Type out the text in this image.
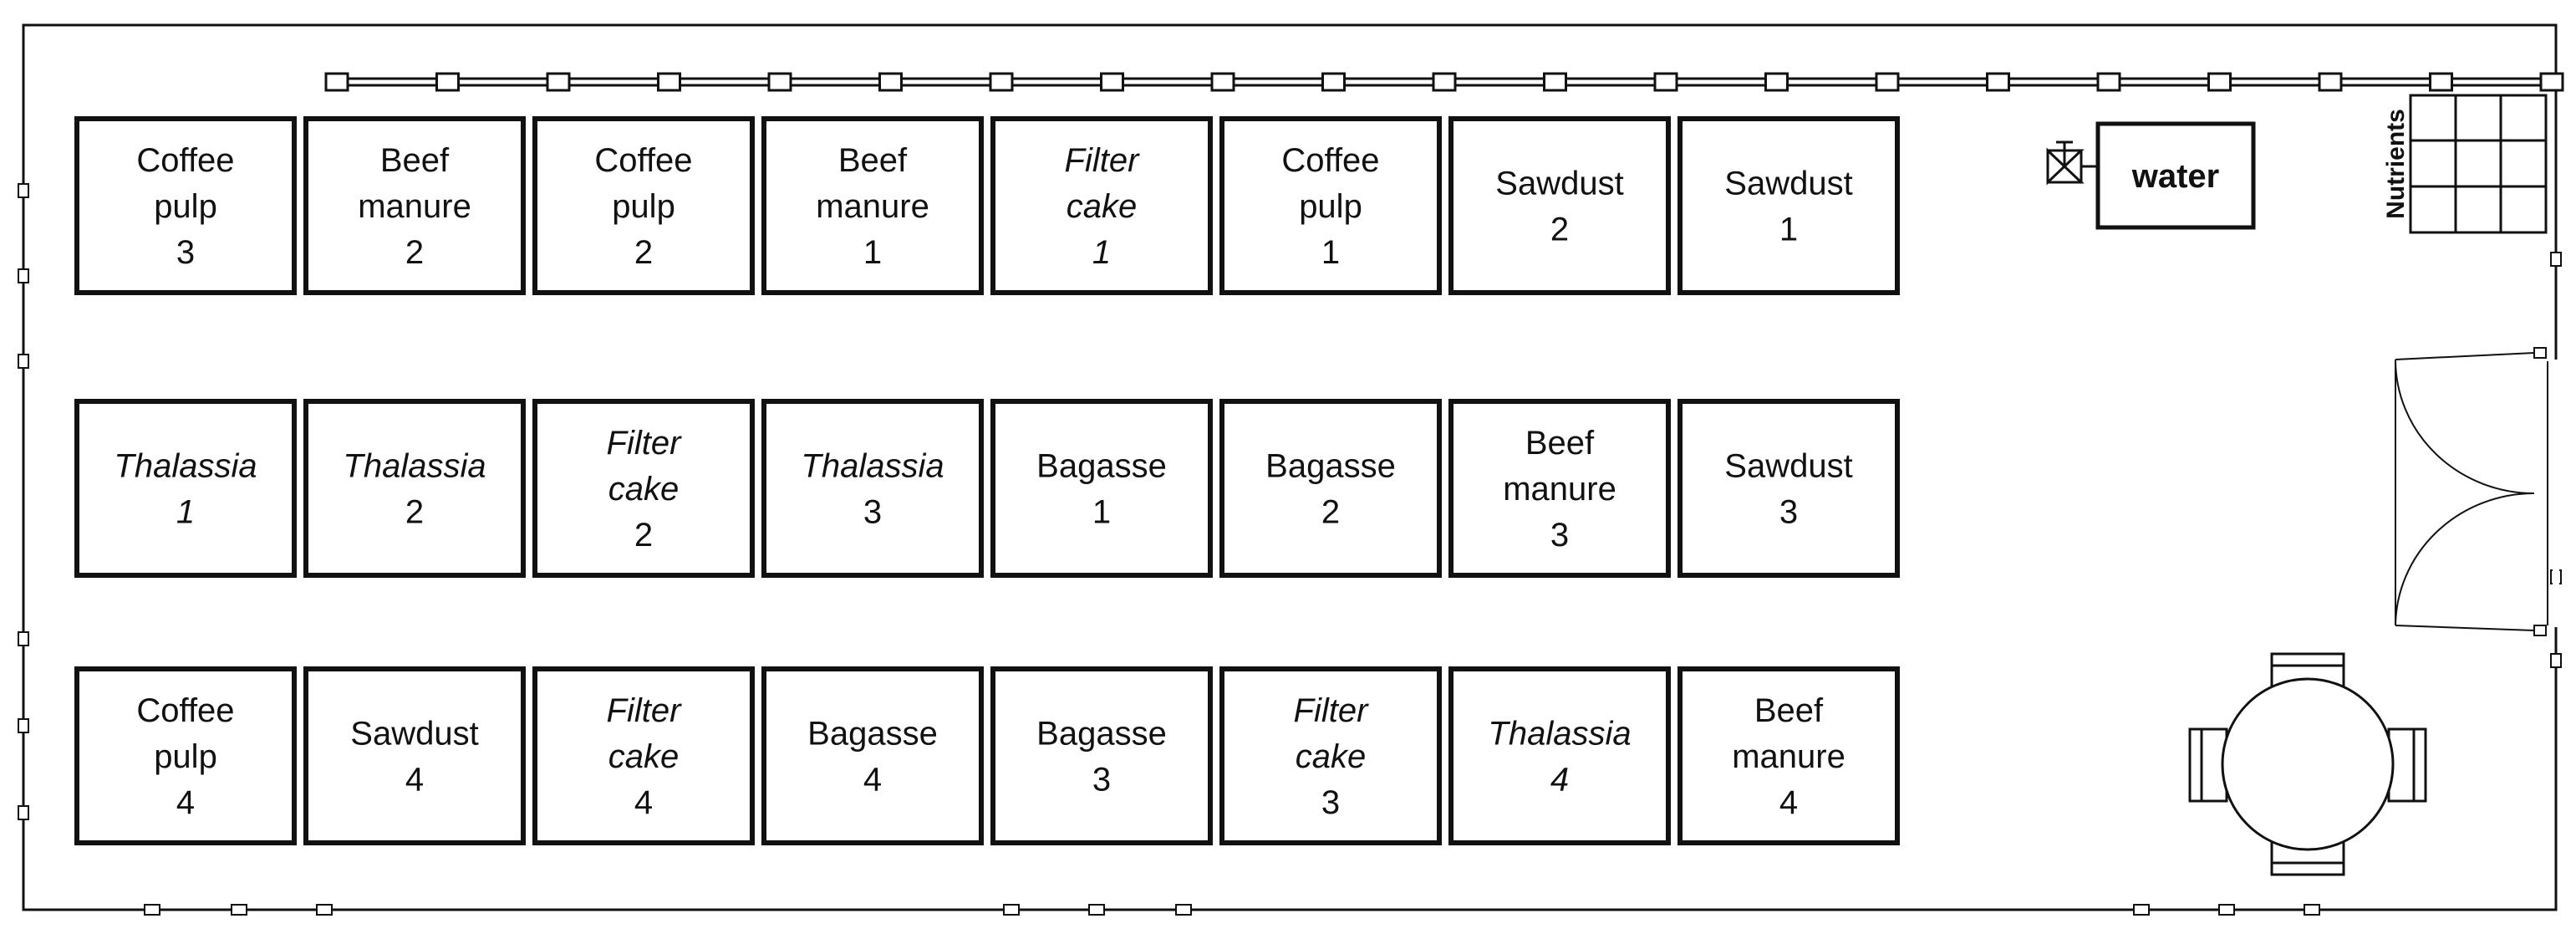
Coffee
pulp
3
Beef
manure
2
Coffee
pulp
2
Beef
manure
1
Filter
cake
1
Coffee
pulp
1
Sawdust
2
Sawdust
1
Thalassia
1
Thalassia
2
Filter
cake
2
Thalassia
3
Bagasse
1
Bagasse
2
Beef
manure
3
Sawdust
3
Coffee
pulp
4
Sawdust
4
Filter
cake
4
Bagasse
4
Bagasse
3
Filter
cake
3
Thalassia
4
Beef
manure
4
water	Nutrients
